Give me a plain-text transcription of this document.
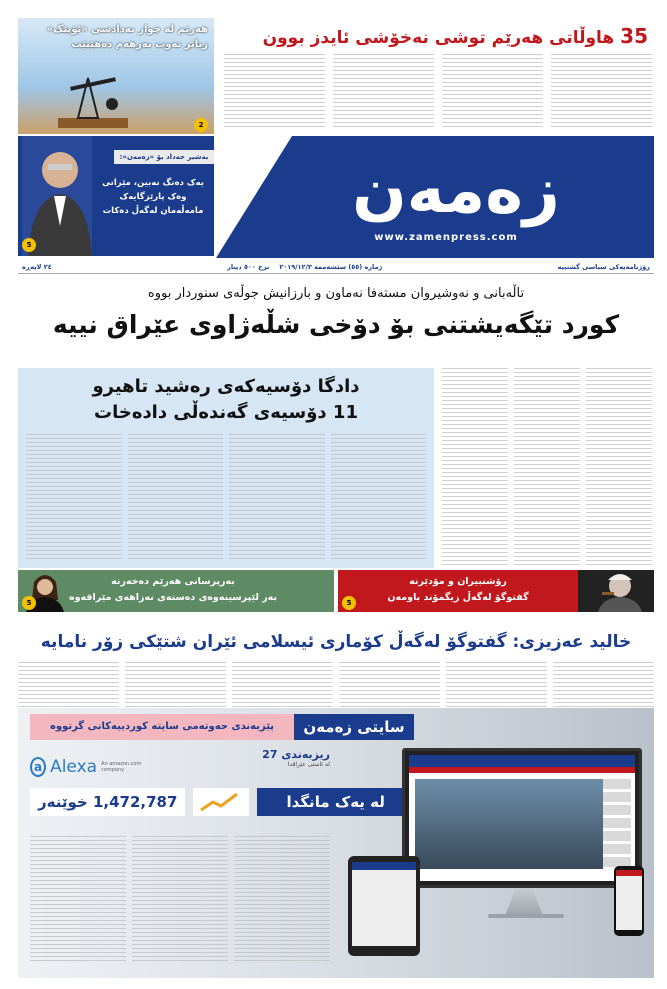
هەرێم لە چوار نەدادسی «ئۆپێک» زیاتر نەوت بەرهەم دەهێنێت
2
بەشیر حەداد بۆ «زەمەن»:
یەک دەنگ نەبین، مێراتی وەک پارێزگایەک مامەڵەمان لەگەڵ دەکات
5
35 هاوڵاتی هەرێم توشی نەخۆشی ئایدز بوون
زەمەن
www.zamenpress.com
رۆژنامەیەکی سیاسی گشتییە
ژمارە (٥٥) سێشەممە ٢٠١٩/١٢/٣
نرخ ٥٠٠ دینار
٢٤ لاپەڕە
تاڵەبانی و نەوشیروان مستەفا نەماون و بارزانیش جوڵەی سنوردار بووە
کورد تێگەیشتنی بۆ دۆخی شڵەژاوی عێراق نییە
دادگا دۆسیەکەی رەشید تاهیرو
11 دۆسیەی گەندەڵی دادەخات
بەرپرسانی هەرێم دەخەرنە
بەر لێپرسینەوەی دەستەی نەزاهەی مێراقەوە
5
رۆشنبیران و مۆدێرنە
گفتوگۆ لەگەڵ زیگمۆند باومەن
5
خالید عەزیزی: گفتوگۆ لەگەڵ کۆماری ئیسلامی ئێران شتێکی زۆر نامایە
پێزبەندی حەوتەمی سایتە کوردییەکانی گرتووە	سایتی زەمەن
a Alexa An amazon.com company
ریزبەندی 27
لە ئاستی عێراقدا
1,472,787 خوێنەر	لە یەک مانگدا
